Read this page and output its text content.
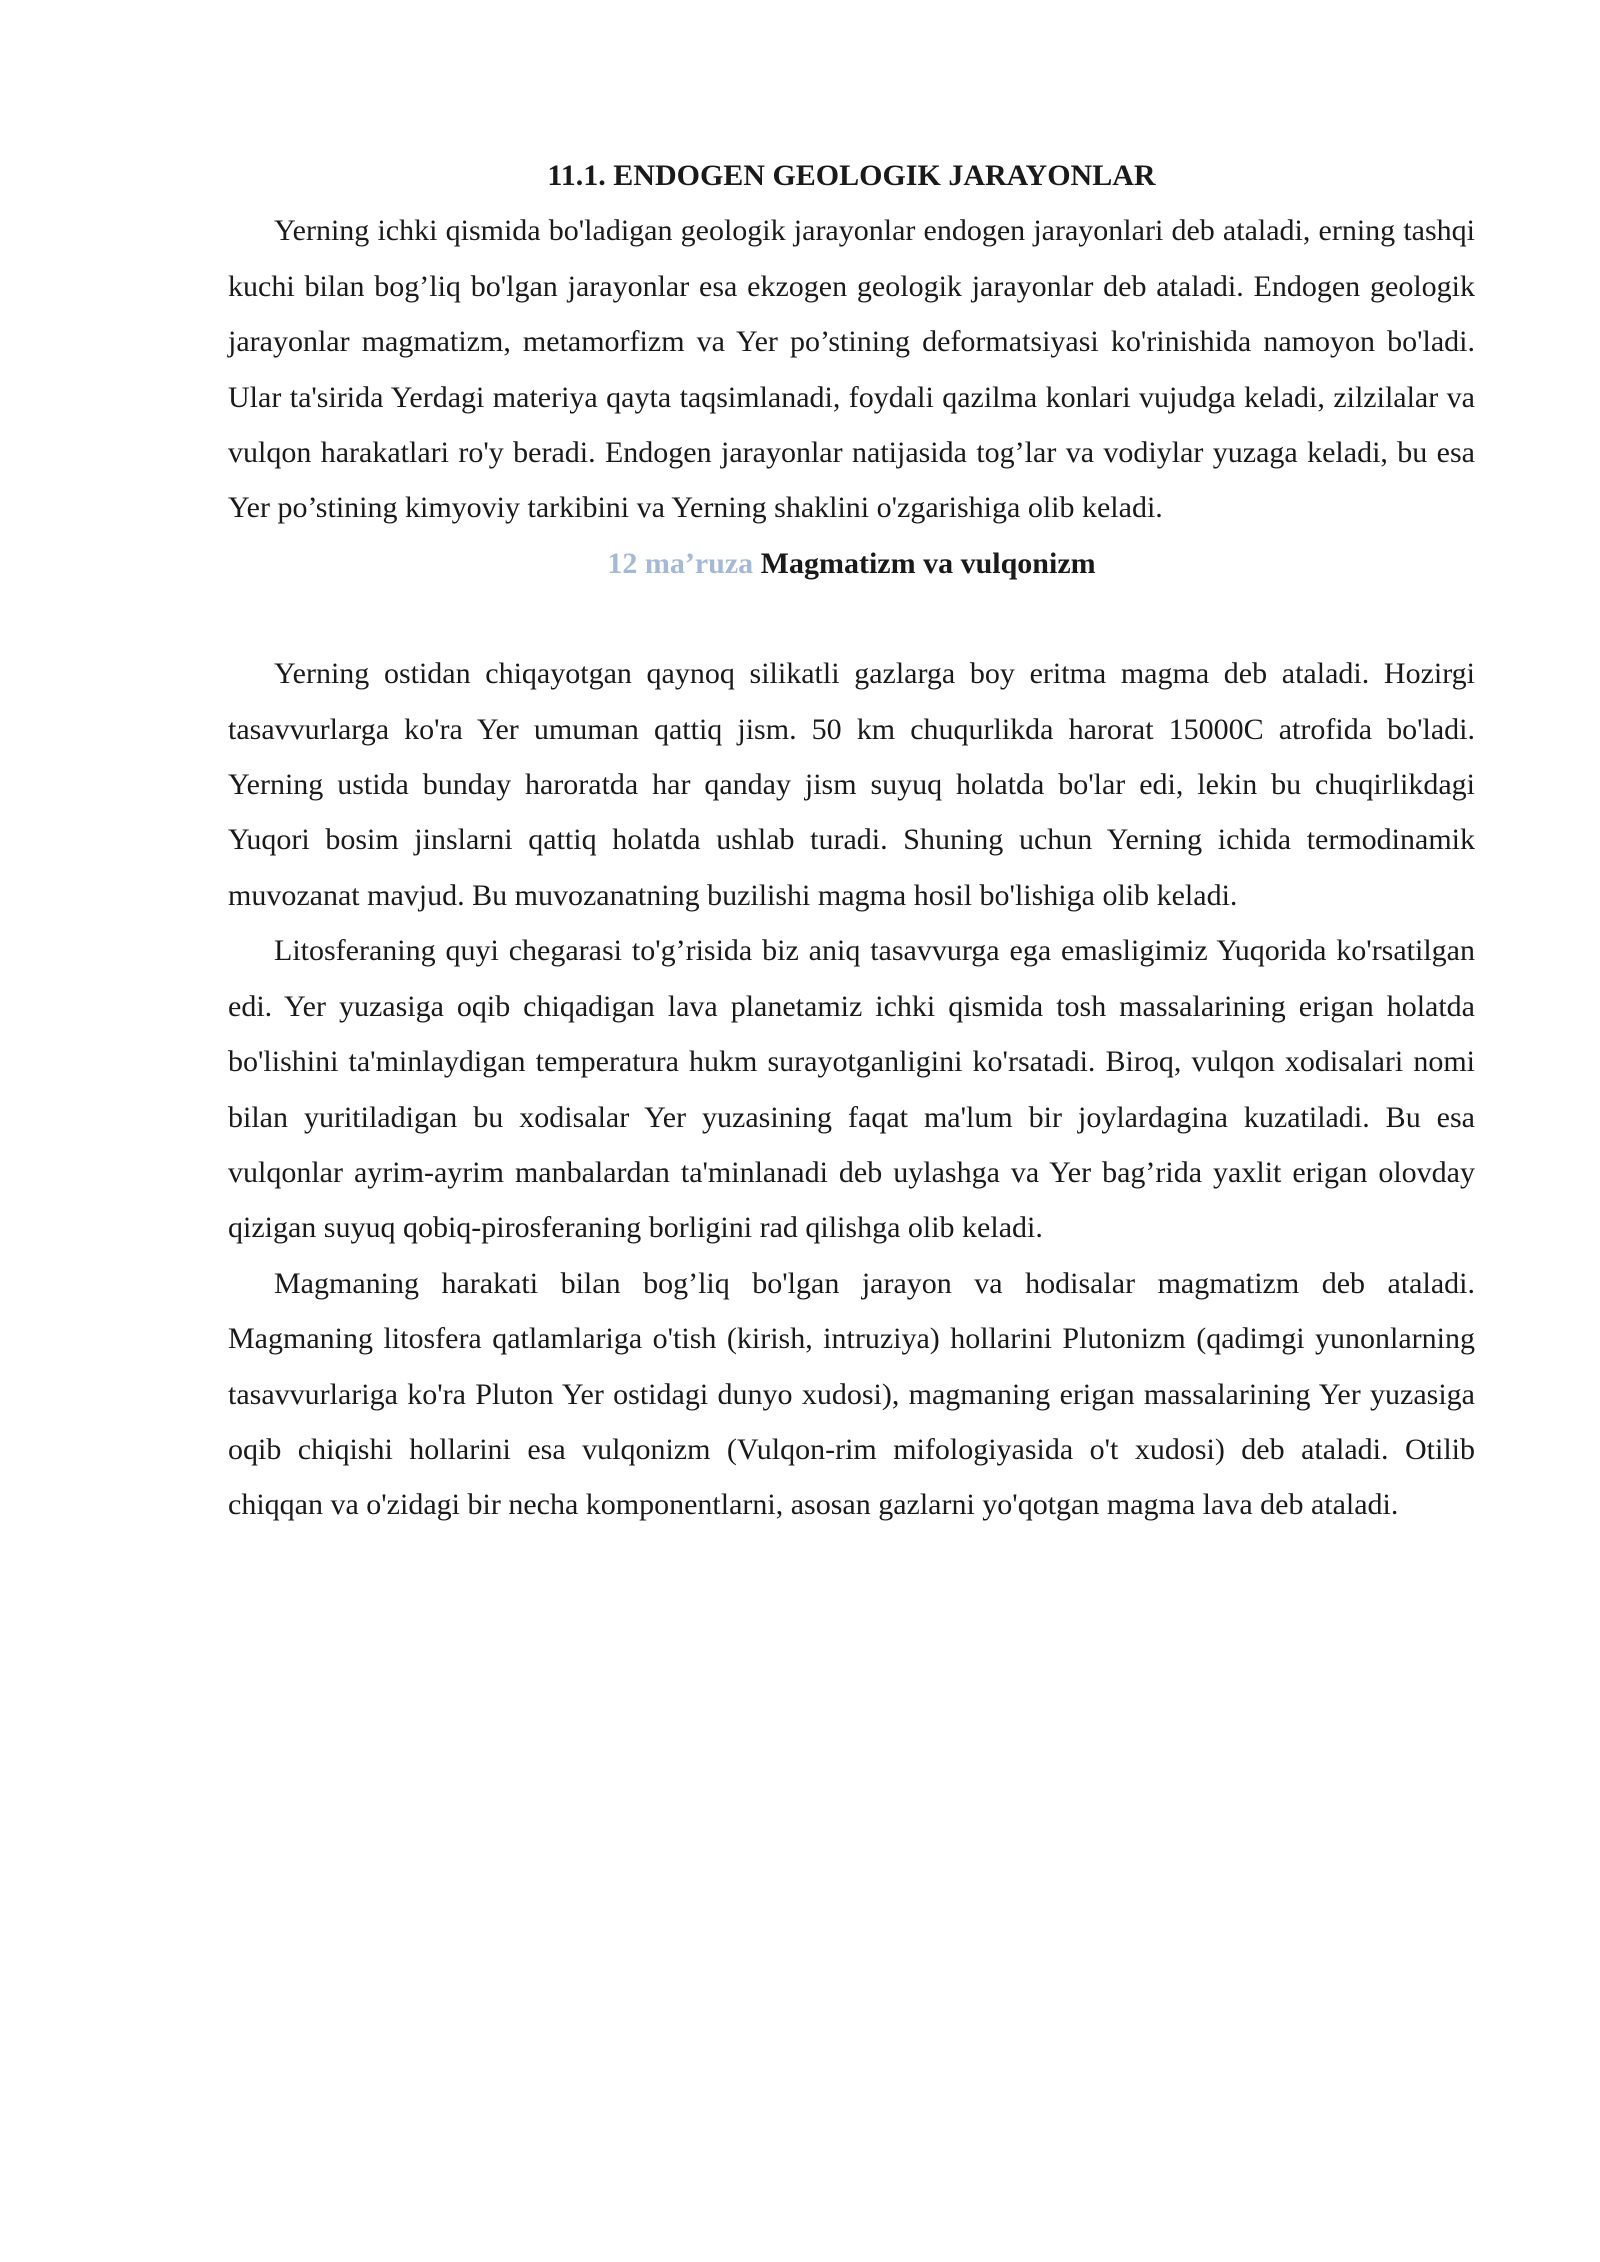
11.1. ENDOGEN GEOLOGIK JARAYONLAR

Yerning ichki qismida bo'ladigan geologik jarayonlar endogen jarayonlari deb ataladi, erning tashqi kuchi bilan bog’liq bo'lgan jarayonlar esa ekzogen geologik jarayonlar deb ataladi. Endogen geologik jarayonlar magmatizm, metamorfizm va Yer po’stining deformatsiyasi ko'rinishida namoyon bo'ladi. Ular ta'sirida Yerdagi materiya qayta taqsimlanadi, foydali qazilma konlari vujudga keladi, zilzilalar va vulqon harakatlari ro'y beradi. Endogen jarayonlar natijasida tog’lar va vodiylar yuzaga keladi, bu esa Yer po’stining kimyoviy tarkibini va Yerning shaklini o'zgarishiga olib keladi.

12 ma’ruza Magmatizm va vulqonizm

Yerning ostidan chiqayotgan qaynoq silikatli gazlarga boy eritma magma deb ataladi. Hozirgi tasavvurlarga ko'ra Yer umuman qattiq jism. 50 km chuqurlikda harorat 15000C atrofida bo'ladi. Yerning ustida bunday haroratda har qanday jism suyuq holatda bo'lar edi, lekin bu chuqirlikdagi Yuqori bosim jinslarni qattiq holatda ushlab turadi. Shuning uchun Yerning ichida termodinamik muvozanat mavjud. Bu muvozanatning buzilishi magma hosil bo'lishiga olib keladi.

Litosferaning quyi chegarasi to'g’risida biz aniq tasavvurga ega emasligimiz Yuqorida ko'rsatilgan edi. Yer yuzasiga oqib chiqadigan lava planetamiz ichki qismida tosh massalarining erigan holatda bo'lishini ta'minlaydigan temperatura hukm surayotganligini ko'rsatadi. Biroq, vulqon xodisalari nomi bilan yuritiladigan bu xodisalar Yer yuzasining faqat ma'lum bir joylardagina kuzatiladi. Bu esa vulqonlar ayrim-ayrim manbalardan ta'minlanadi deb uylashga va Yer bag’rida yaxlit erigan olovday qizigan suyuq qobiq-pirosferaning borligini rad qilishga olib keladi.

Magmaning harakati bilan bog’liq bo'lgan jarayon va hodisalar magmatizm deb ataladi. Magmaning litosfera qatlamlariga o'tish (kirish, intruziya) hollarini Plutonizm (qadimgi yunonlarning tasavvurlariga ko'ra Pluton Yer ostidagi dunyo xudosi), magmaning erigan massalarining Yer yuzasiga oqib chiqishi hollarini esa vulqonizm (Vulqon-rim mifologiyasida o't xudosi) deb ataladi. Otilib chiqqan va o'zidagi bir necha komponentlarni, asosan gazlarni yo'qotgan magma lava deb ataladi.
